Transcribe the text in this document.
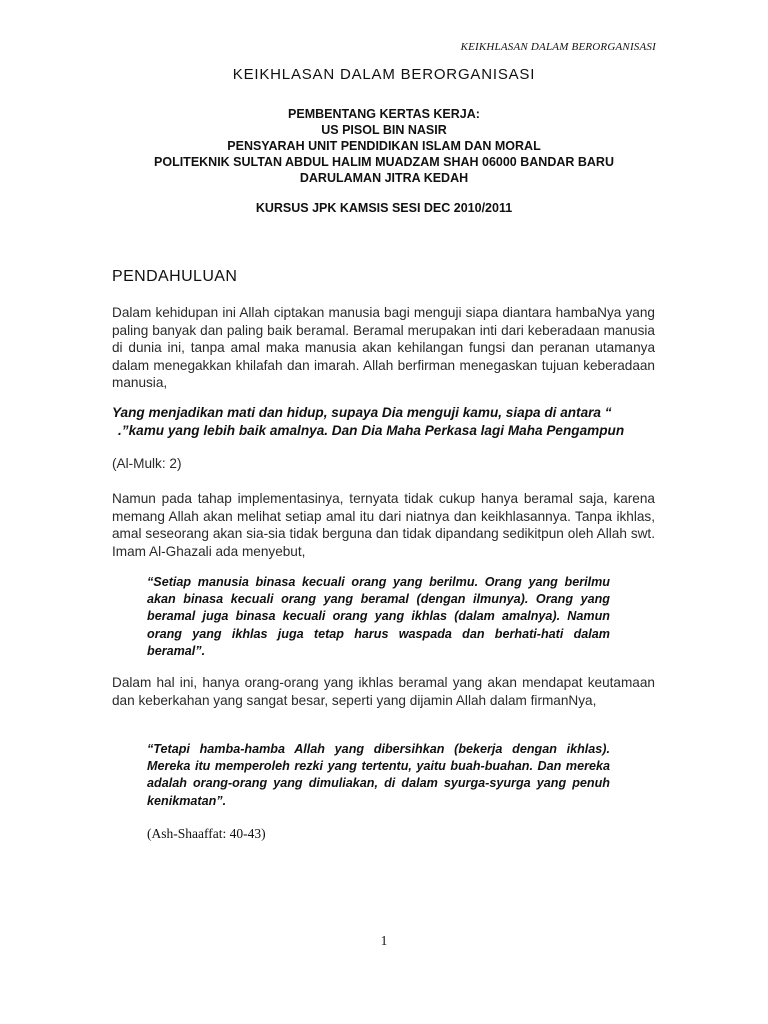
KEIKHLASAN DALAM BERORGANISASI
KEIKHLASAN DALAM BERORGANISASI
PEMBENTANG KERTAS KERJA:
US PISOL BIN NASIR
PENSYARAH UNIT PENDIDIKAN ISLAM DAN MORAL
POLITEKNIK SULTAN ABDUL HALIM MUADZAM SHAH 06000 BANDAR BARU
DARULAMAN JITRA KEDAH
KURSUS JPK KAMSIS SESI DEC 2010/2011
PENDAHULUAN
Dalam kehidupan ini Allah ciptakan manusia bagi menguji siapa diantara hambaNya yang paling banyak dan paling baik beramal. Beramal merupakan inti dari keberadaan manusia di dunia ini, tanpa amal maka manusia akan kehilangan fungsi dan peranan utamanya dalam menegakkan khilafah dan imarah. Allah berfirman menegaskan tujuan keberadaan manusia,
Yang menjadikan mati dan hidup, supaya Dia menguji kamu, siapa di antara “
.”kamu yang lebih baik amalnya. Dan Dia Maha Perkasa lagi Maha Pengampun
(Al-Mulk: 2)
Namun pada tahap implementasinya, ternyata tidak cukup hanya beramal saja, karena memang Allah akan melihat setiap amal itu dari niatnya dan keikhlasannya. Tanpa ikhlas, amal seseorang akan sia-sia tidak berguna dan tidak dipandang sedikitpun oleh Allah swt. Imam Al-Ghazali ada menyebut,
“Setiap manusia binasa kecuali orang yang berilmu. Orang yang berilmu akan binasa kecuali orang yang beramal (dengan ilmunya). Orang yang beramal juga binasa kecuali orang yang ikhlas (dalam amalnya). Namun orang yang ikhlas juga tetap harus waspada dan berhati-hati dalam beramal”.
Dalam hal ini, hanya orang-orang yang ikhlas beramal yang akan mendapat keutamaan dan keberkahan yang sangat besar, seperti yang dijamin Allah dalam firmanNya,
“Tetapi hamba-hamba Allah yang dibersihkan (bekerja dengan ikhlas). Mereka itu memperoleh rezki yang tertentu, yaitu buah-buahan. Dan mereka adalah orang-orang yang dimuliakan, di dalam syurga-syurga yang penuh kenikmatan”.
(Ash-Shaaffat: 40-43)
1
